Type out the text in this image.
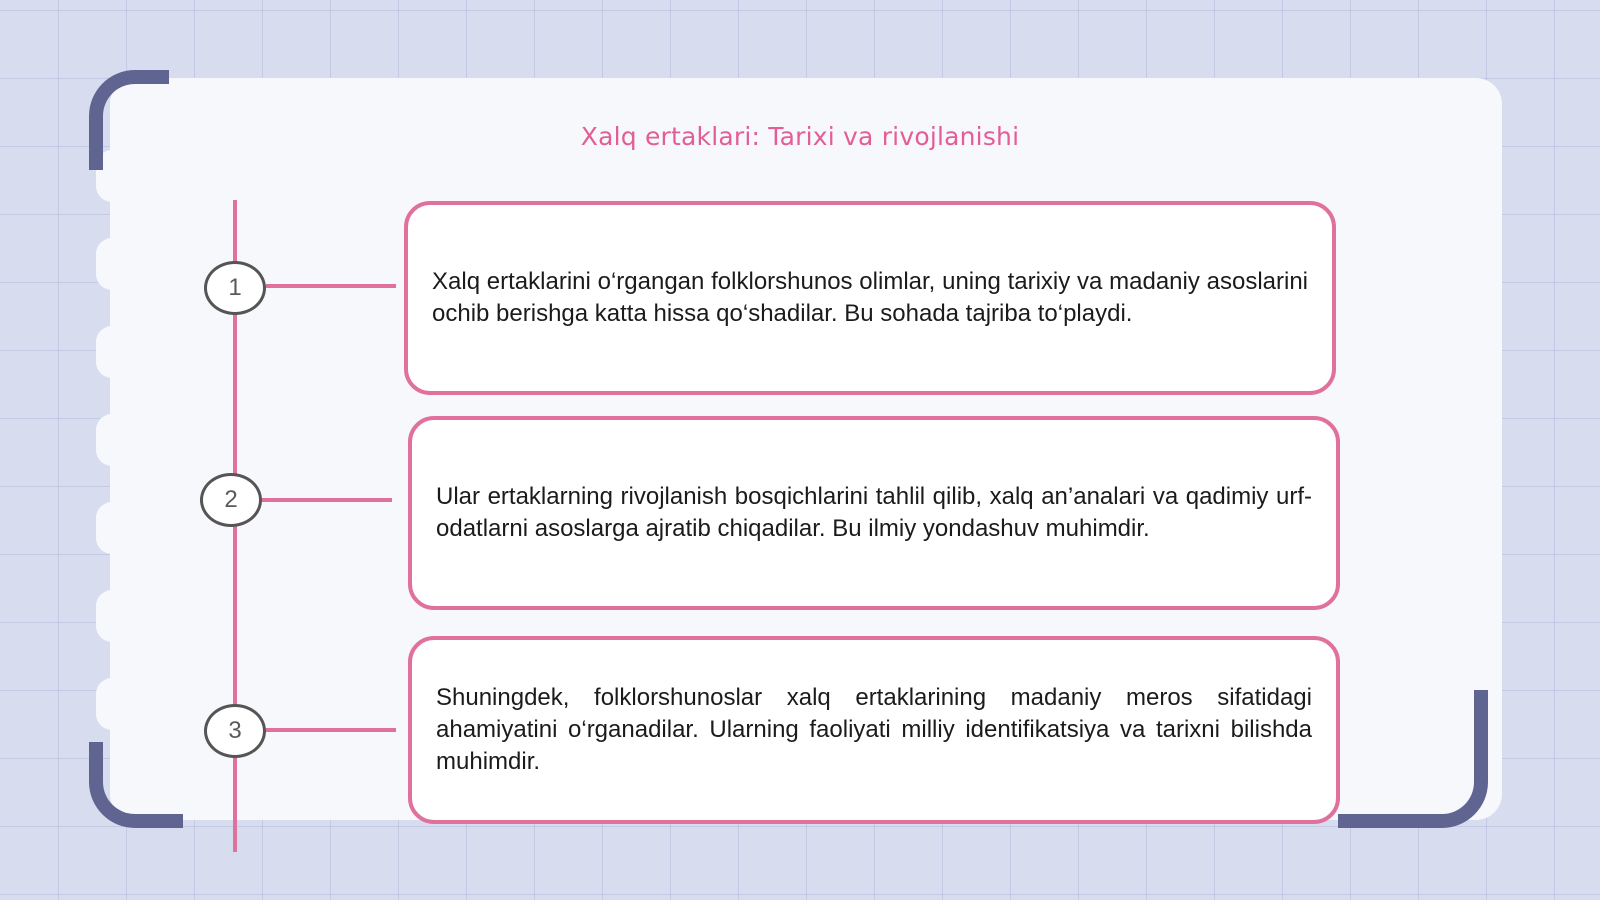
Xalq ertaklari: Tarixi va rivojlanishi
1	Xalq ertaklarini o‘rgangan folklorshunos olimlar, uning tarixiy va madaniy asoslarini ochib berishga katta hissa qo‘shadilar. Bu sohada tajriba to‘playdi.

2	Ular ertaklarning rivojlanish bosqichlarini tahlil qilib, xalq an’analari va qadimiy urf-odatlarni asoslarga ajratib chiqadilar. Bu ilmiy yondashuv muhimdir.

3

Shuningdek, folklorshunoslar xalq ertaklarining madaniy meros sifatidagi ahamiyatini o‘rganadilar. Ularning faoliyati milliy identifikatsiya va tarixni bilishda muhimdir.
